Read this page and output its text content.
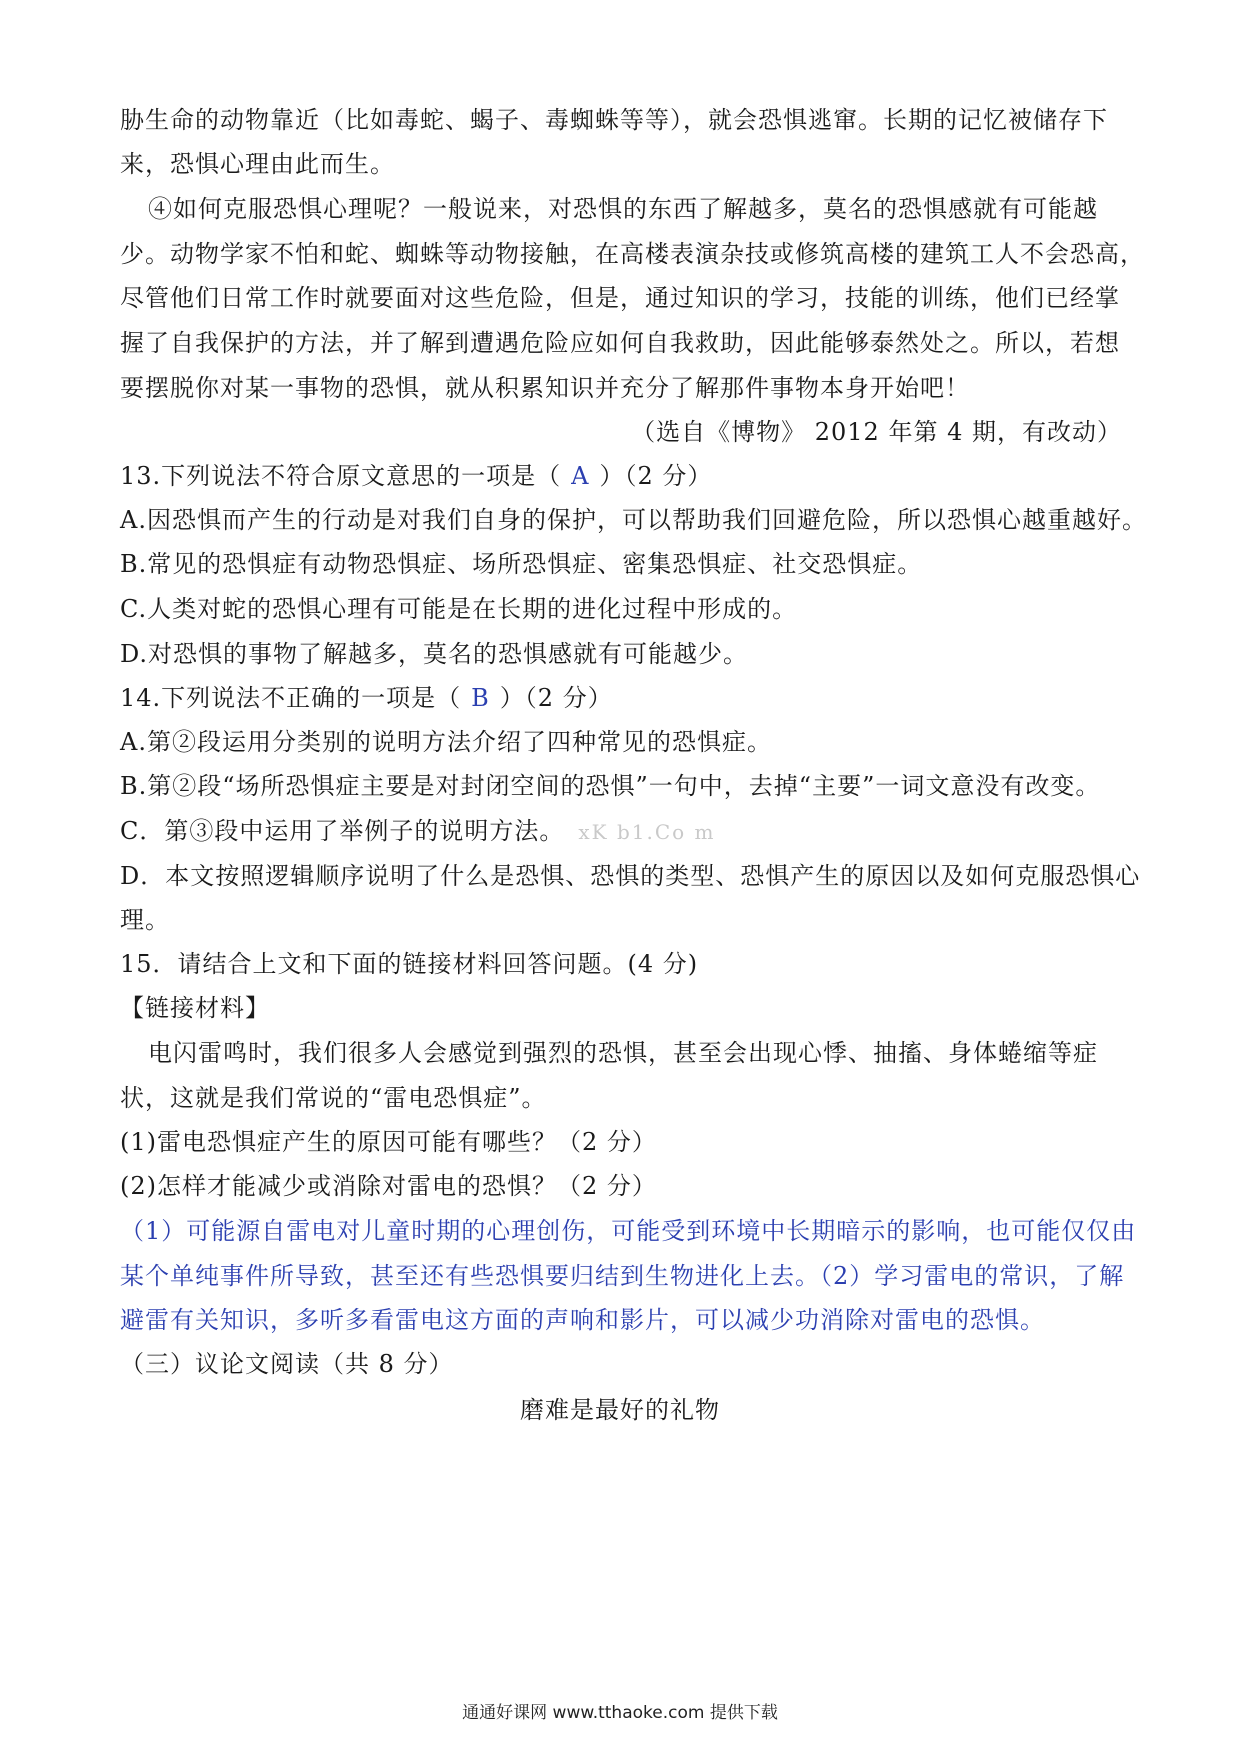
胁生命的动物靠近（比如毒蛇、蝎子、毒蜘蛛等等），就会恐惧逃窜。长期的记忆被储存下
来，恐惧心理由此而生。
④如何克服恐惧心理呢？一般说来，对恐惧的东西了解越多，莫名的恐惧感就有可能越
少。动物学家不怕和蛇、蜘蛛等动物接触，在高楼表演杂技或修筑高楼的建筑工人不会恐高，
尽管他们日常工作时就要面对这些危险，但是，通过知识的学习，技能的训练，他们已经掌
握了自我保护的方法，并了解到遭遇危险应如何自我救助，因此能够泰然处之。所以，若想
要摆脱你对某一事物的恐惧，就从积累知识并充分了解那件事物本身开始吧！
（选自《博物》 2012 年第 4 期，有改动）
13.下列说法不符合原文意思的一项是（ A ）（2 分）
A.因恐惧而产生的行动是对我们自身的保护，可以帮助我们回避危险，所以恐惧心越重越好。
B.常见的恐惧症有动物恐惧症、场所恐惧症、密集恐惧症、社交恐惧症。
C.人类对蛇的恐惧心理有可能是在长期的进化过程中形成的。
D.对恐惧的事物了解越多，莫名的恐惧感就有可能越少。
14.下列说法不正确的一项是（ B ）（2 分）
A.第②段运用分类别的说明方法介绍了四种常见的恐惧症。
B.第②段“场所恐惧症主要是对封闭空间的恐惧”一句中，去掉“主要”一词文意没有改变。
C．第③段中运用了举例子的说明方法。 xK b1.Co m
D．本文按照逻辑顺序说明了什么是恐惧、恐惧的类型、恐惧产生的原因以及如何克服恐惧心
理。
15．请结合上文和下面的链接材料回答问题。(4 分)
【链接材料】
电闪雷鸣时，我们很多人会感觉到强烈的恐惧，甚至会出现心悸、抽搐、身体蜷缩等症
状，这就是我们常说的“雷电恐惧症”。
(1)雷电恐惧症产生的原因可能有哪些？（2 分）
(2)怎样才能减少或消除对雷电的恐惧？（2 分）
（1）可能源自雷电对儿童时期的心理创伤，可能受到环境中长期暗示的影响，也可能仅仅由
某个单纯事件所导致，甚至还有些恐惧要归结到生物进化上去。（2）学习雷电的常识，了解
避雷有关知识，多听多看雷电这方面的声响和影片，可以减少功消除对雷电的恐惧。
（三）议论文阅读（共 8 分）
磨难是最好的礼物
通通好课网 www.tthaoke.com 提供下载
